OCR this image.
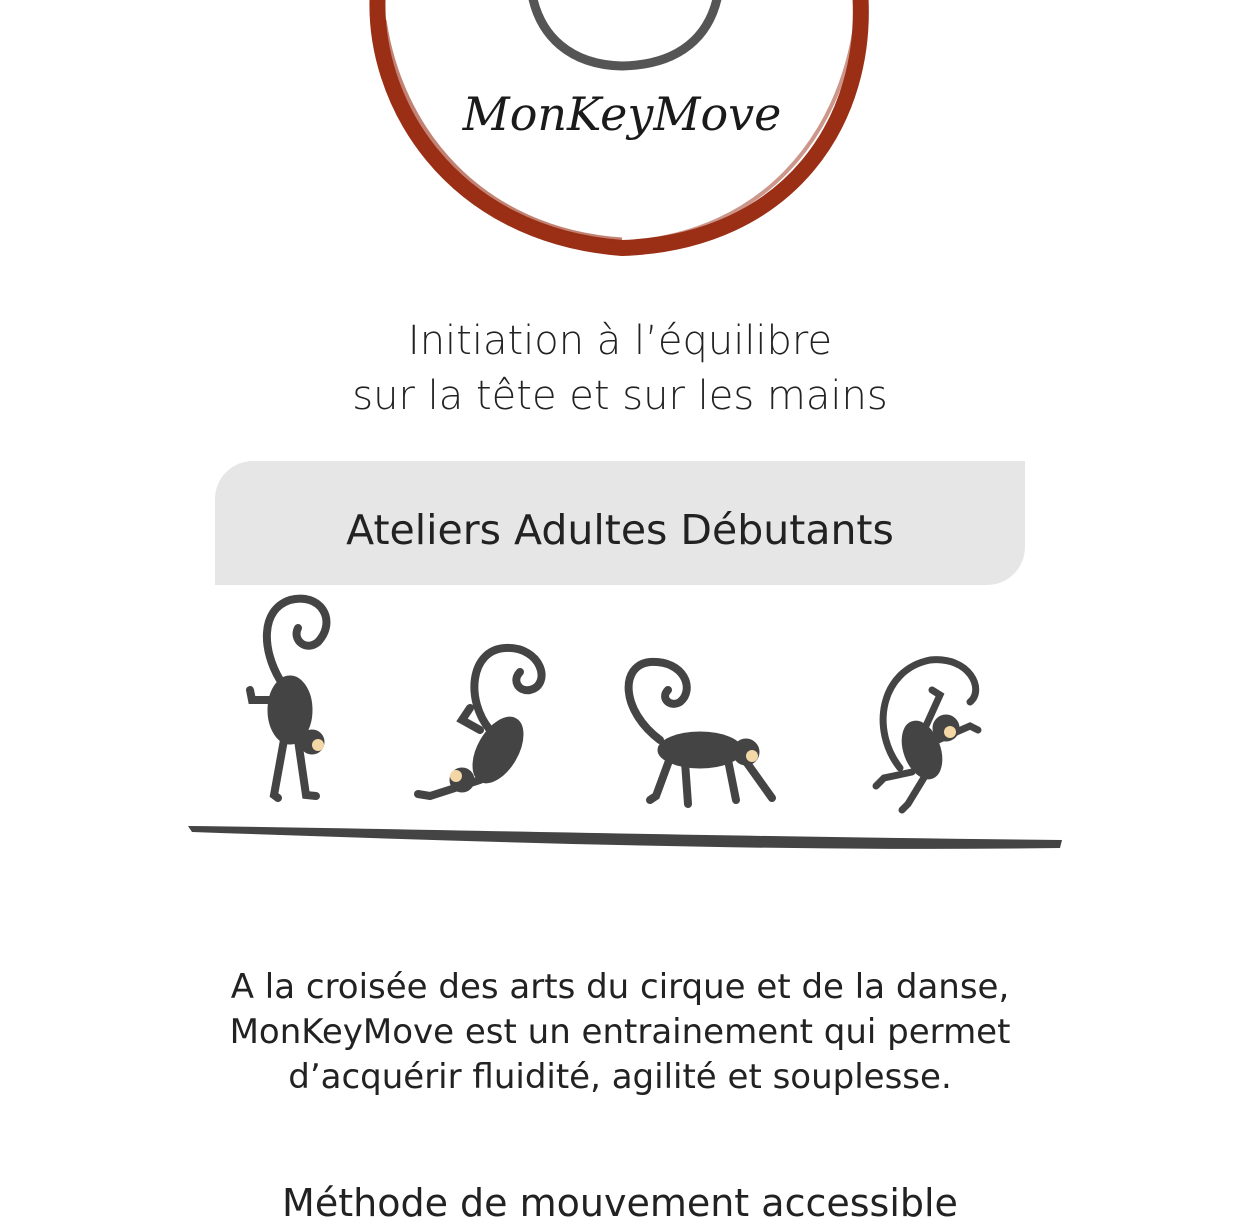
MonKeyMove
Initiation à l’équilibre
sur la tête et sur les mains
Ateliers Adultes Débutants
A la croisée des arts du cirque et de la danse,
MonKeyMove est un entrainement qui permet
d’acquérir fluidité, agilité et souplesse.
Méthode de mouvement accessible
